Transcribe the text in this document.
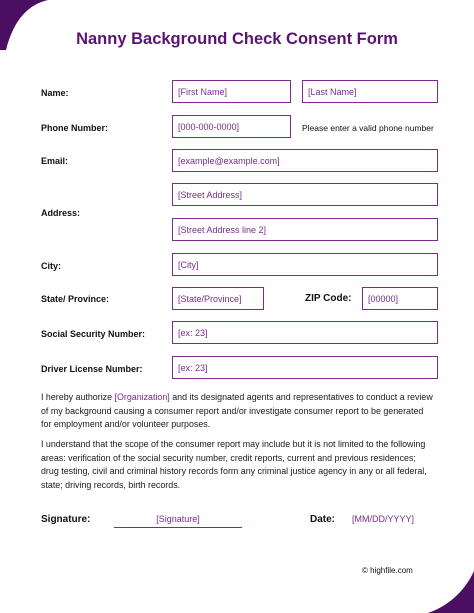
Nanny Background Check Consent Form
Name:	[First Name]	[Last Name]
Phone Number:	[000-000-0000]	Please enter a valid phone number
Email:	[example@example.com]
Address:
[Street Address]
[Street Address line 2]
City:	[City]
State/ Province:	[State/Province]	ZIP Code:	[00000]
Social Security Number:	[ex: 23]
Driver License Number:	[ex: 23]
I hereby authorize [Organization] and its designated agents and representatives to conduct a review of my background causing a consumer report and/or investigate consumer report to be generated for employment and/or volunteer purposes.
I understand that the scope of the consumer report may include but it is not limited to the following areas: verification of the social security number, credit reports, current and previous residences; drug testing, civil and criminal history records form any criminal justice agency in any or all federal, state; driving records, birth records.
Signature:	[Signature]	Date: [MM/DD/YYYY]
© highfile.com
